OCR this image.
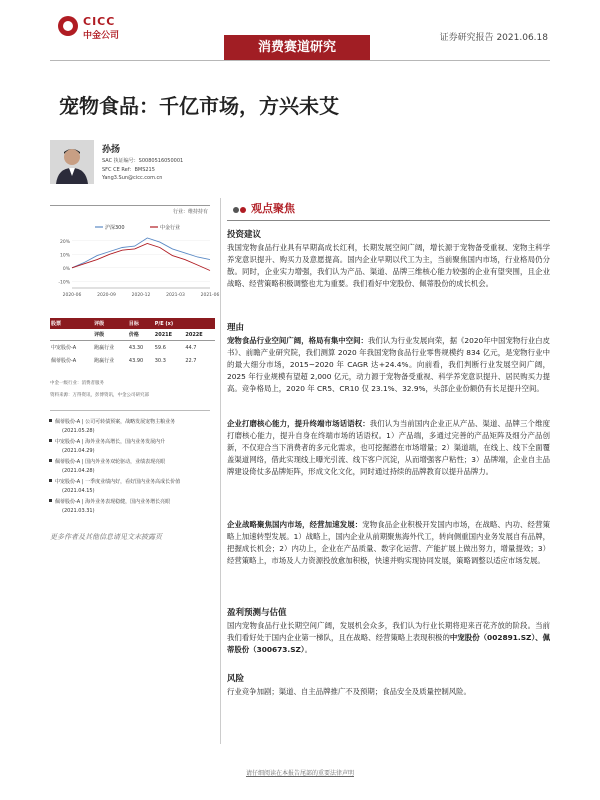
CICC
中金公司
消费赛道研究
证券研究报告 2021.06.18
宠物食品：千亿市场，方兴未艾
孙扬
SAC 执证编号：S0080516050001
SFC CE Ref：BMS215
Yang3.Sun@cicc.com.cn
行业：维持持有
沪深300	中金行业
2020-06	2020-09	2020-12	2021-03	2021-06
20%
10%
0%
-10%
股票	评级	目标	P/E (x)	
	评级	价格	2021E	2022E
中宠股份-A	跑赢行业	43.30	59.6	44.7
佩蒂股份-A	跑赢行业	43.90	30.3	22.7
中金一级行业：消费者服务
资料来源：万得资讯，彭博资讯，中金公司研究部
佩蒂股份-A | 公司可转债预案，战略发展宠物主粮业务
(2021.05.28)
中宠股份-A | 海外业务高增长，国内业务发展内升
(2021.04.29)
佩蒂股份-A | 国内外业务双轮驱动，业绩表现亮眼
(2021.04.28)
中宠股份-A | 一季度业绩内好，看好国内业务高成长价值
(2021.04.15)
佩蒂股份-A | 海外业务表现稳健，国内业务增长亮眼
(2021.03.31)
更多作者及其他信息请见文末披露页
观点聚焦
投资建议
我国宠物食品行业具有早期高成长红利，长期发展空间广阔，增长源于宠物备受重视、宠物主科学养宠意识提升、购买力及意愿提高。国内企业早期以代工为主，当前聚焦国内市场，行业格局仍分散。同时，企业实力增强，我们认为产品、渠道、品牌三维核心能力较强的企业有望突围，且企业战略、经营策略积极调整也尤为重要。我们看好中宠股份、佩蒂股份的成长机会。
理由
宠物食品行业空间广阔，格局有集中空间：我们认为行业发展向荣，据《2020年中国宠物行业白皮书》、前瞻产业研究院，我们测算 2020 年我国宠物食品行业零售规模约 834 亿元，是宠物行业中的最大细分市场，2015~2020 年 CAGR 达+24.4%。向前看，我们判断行业发展空间广阔，2025 年行业规模有望超 2,000 亿元，动力源于宠物备受重视、科学养宠意识提升、居民购买力提高。竞争格局上，2020 年 CR5、CR10 仅 23.1%、32.9%，头部企业份额仍有长足提升空间。
企业打磨核心能力，提升终端市场话语权：我们认为当前国内企业正从产品、渠道、品牌三个维度打磨核心能力，提升自身在终端市场的话语权。1）产品端，多通过完善的产品矩阵及细分产品创新，不仅迎合当下消费者的多元化需求，也可挖掘潜在市场增量；2）渠道端，在线上、线下全面覆盖渠道网络，借此实现线上曝光引流、线下客户沉淀，从而增强客户粘性；3）品牌端，企业自主品牌建设倚仗多品牌矩阵，形成文化文化，同时通过持续的品牌教育以提升品牌力。
企业战略聚焦国内市场，经营加速发展：宠物食品企业积极开发国内市场，在战略、内功、经营策略上加速转型发展。1）战略上，国内企业从前期聚焦海外代工，转向侧重国内业务发展自有品牌，把握成长机会；2）内功上，企业在产品质量、数字化运营、产能扩展上做出努力，增量提效；3）经营策略上，市场及人力资源投放愈加积极，快速并购实现协同发展，策略调整以适应市场发展。
盈利预测与估值
国内宠物食品行业长期空间广阔，发展机会众多，我们认为行业长期将迎来百花齐放的阶段。当前我们看好处于国内企业第一梯队，且在战略、经营策略上表现积极的中宠股份（002891.SZ）、佩蒂股份（300673.SZ）。
风险
行业竞争加剧；渠道、自主品牌推广不及预期；食品安全及质量控制风险。
请仔细阅读在本报告尾部的重要法律声明
